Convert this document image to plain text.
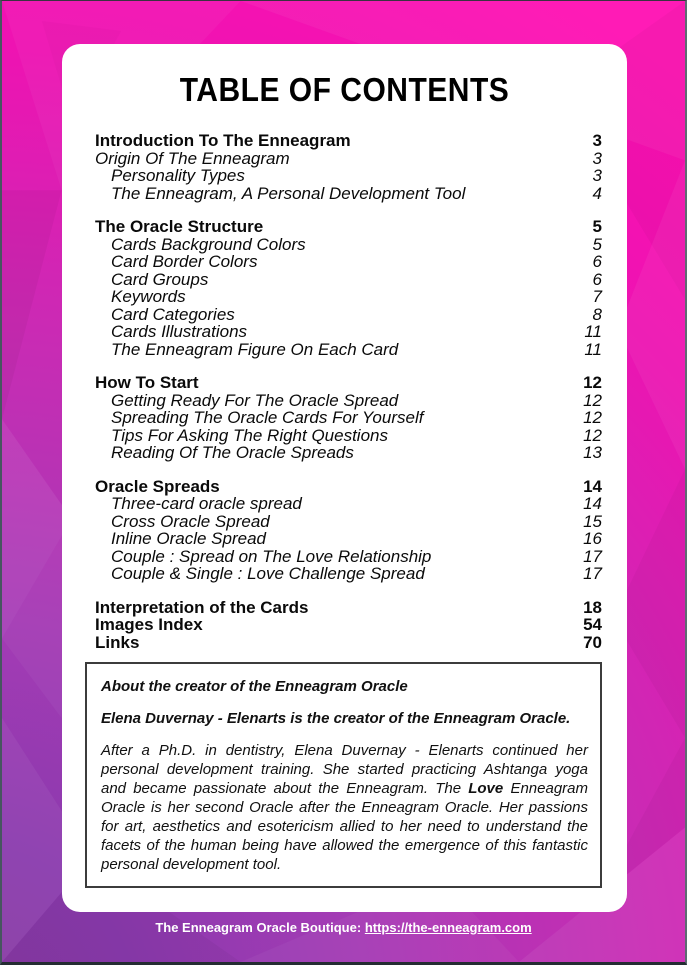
TABLE OF CONTENTS
Introduction To The Enneagram	3
Origin Of The Enneagram	3
Personality Types	3
The Enneagram, A Personal Development Tool	4
The Oracle Structure	5
Cards Background Colors	5
Card Border Colors	6
Card Groups	6
Keywords	7
Card Categories	8
Cards Illustrations	11
The Enneagram Figure On Each Card	11
How To Start	12
Getting Ready For The Oracle Spread	12
Spreading The Oracle Cards For Yourself	12
Tips For Asking The Right Questions	12
Reading Of The Oracle Spreads	13
Oracle Spreads	14
Three-card oracle spread	14
Cross Oracle Spread	15
Inline Oracle Spread	16
Couple : Spread on The Love Relationship	17
Couple & Single : Love Challenge Spread	17
Interpretation of the Cards	18
Images Index	54
Links	70
About the creator of the Enneagram Oracle
Elena Duvernay - Elenarts is the creator of the Enneagram Oracle.
After a Ph.D. in dentistry, Elena Duvernay - Elenarts continued her personal development training. She started practicing Ashtanga yoga and became passionate about the Enneagram. The Love Enneagram Oracle is her second Oracle after the Enneagram Oracle. Her passions for art, aesthetics and esotericism allied to her need to understand the facets of the human being have allowed the emergence of this fantastic personal development tool.
The Enneagram Oracle Boutique: https://the-enneagram.com
